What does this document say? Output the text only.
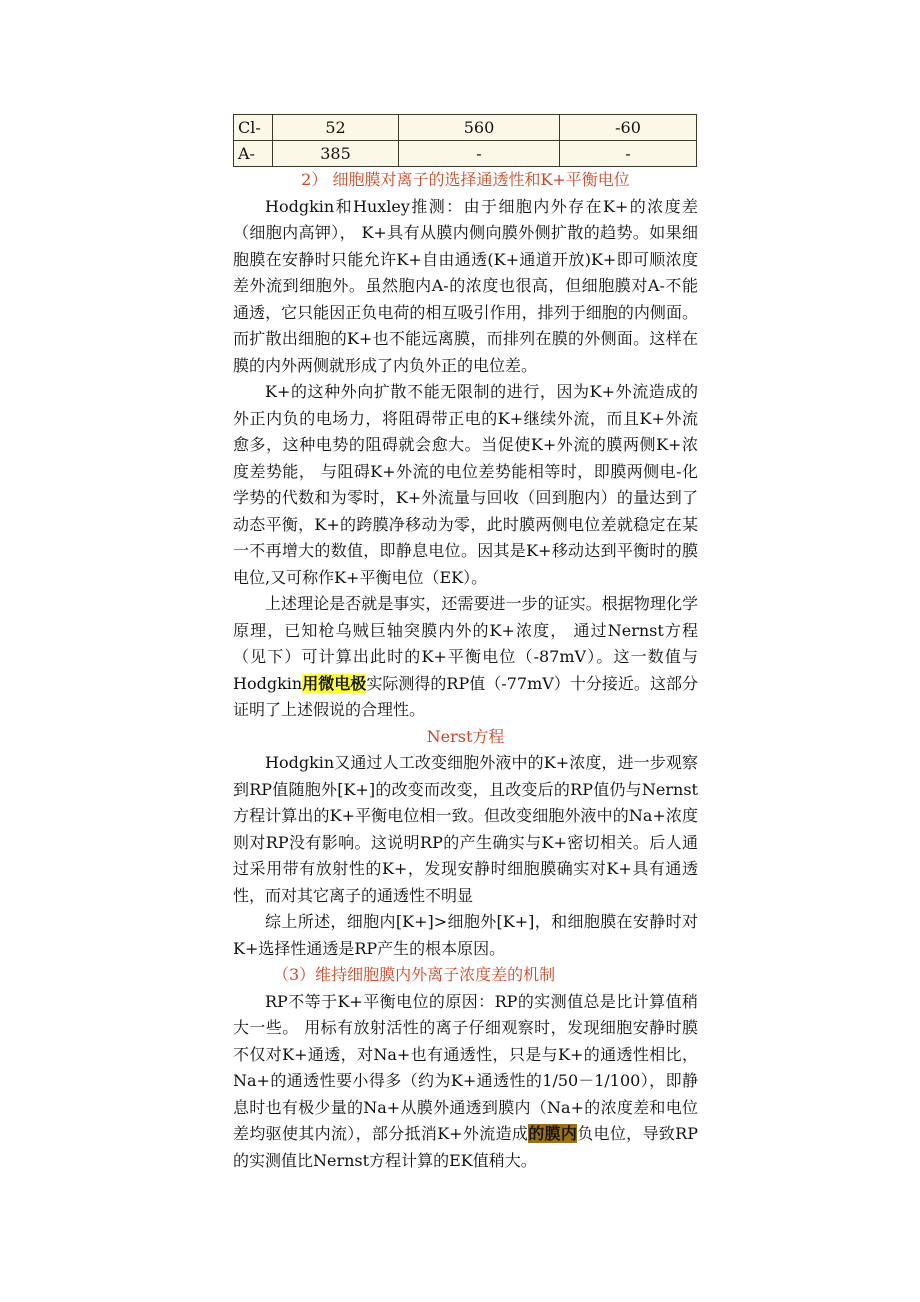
Cl-	52	560	-60
A-	385	-	-
2） 细胞膜对离子的选择通透性和K+平衡电位

Hodgkin和Huxley推测：由于细胞内外存在K+的浓度差（细胞内高钾）， K+具有从膜内侧向膜外侧扩散的趋势。如果细胞膜在安静时只能允许K+自由通透(K+通道开放)K+即可顺浓度差外流到细胞外。虽然胞内A-的浓度也很高，但细胞膜对A-不能通透，它只能因正负电荷的相互吸引作用，排列于细胞的内侧面。而扩散出细胞的K+也不能远离膜，而排列在膜的外侧面。这样在膜的内外两侧就形成了内负外正的电位差。

K+的这种外向扩散不能无限制的进行，因为K+外流造成的外正内负的电场力，将阻碍带正电的K+继续外流，而且K+外流愈多，这种电势的阻碍就会愈大。当促使K+外流的膜两侧K+浓度差势能， 与阻碍K+外流的电位差势能相等时，即膜两侧电-化学势的代数和为零时，K+外流量与回收（回到胞内）的量达到了动态平衡，K+的跨膜净移动为零，此时膜两侧电位差就稳定在某一不再增大的数值，即静息电位。因其是K+移动达到平衡时的膜电位,又可称作K+平衡电位（EK）。

上述理论是否就是事实，还需要进一步的证实。根据物理化学原理，已知枪乌贼巨轴突膜内外的K+浓度， 通过Nernst方程（见下）可计算出此时的K+平衡电位（-87mV）。这一数值与Hodgkin用微电极实际测得的RP值（-77mV）十分接近。这部分证明了上述假说的合理性。

Nerst方程

Hodgkin又通过人工改变细胞外液中的K+浓度，进一步观察到RP值随胞外[K+]的改变而改变，且改变后的RP值仍与Nernst方程计算出的K+平衡电位相一致。但改变细胞外液中的Na+浓度则对RP没有影响。这说明RP的产生确实与K+密切相关。后人通过采用带有放射性的K+，发现安静时细胞膜确实对K+具有通透性，而对其它离子的通透性不明显

综上所述，细胞内[K+]>细胞外[K+]，和细胞膜在安静时对K+选择性通透是RP产生的根本原因。

（3）维持细胞膜内外离子浓度差的机制

RP不等于K+平衡电位的原因：RP的实测值总是比计算值稍大一些。 用标有放射活性的离子仔细观察时，发现细胞安静时膜不仅对K+通透，对Na+也有通透性，只是与K+的通透性相比，Na+的通透性要小得多（约为K+通透性的1/50－1/100），即静息时也有极少量的Na+从膜外通透到膜内（Na+的浓度差和电位差均驱使其内流），部分抵消K+外流造成的膜内负电位，导致RP的实测值比Nernst方程计算的EK值稍大。
